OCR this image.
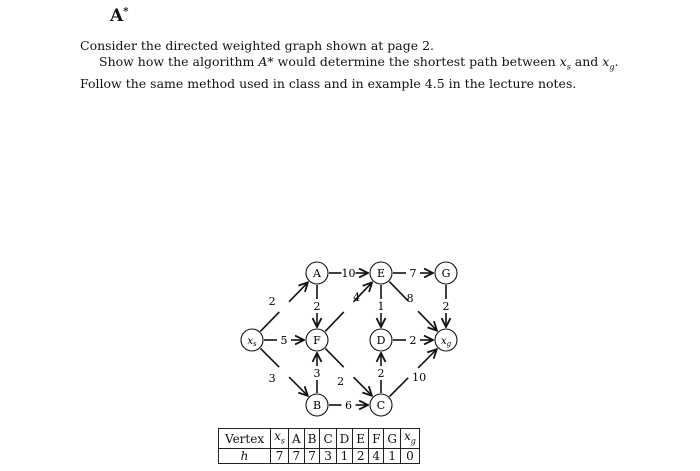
A*
Consider the directed weighted graph shown at page 2.
Show how the algorithm A* would determine the shortest path between $x_s$ and $x_g$. Follow the same method used in class and in example 4.5 in the lecture notes.
2
5
3
10
2
4
7
1
8
2
2
3
2
2	10
6
$x_s$
A	E	G
F	D	$x_g$
B	C
Vertex	$x_s$	A	B	C	D	E	F	G	$x_g$
h	7	7	7	3	1	2	4	1	0
